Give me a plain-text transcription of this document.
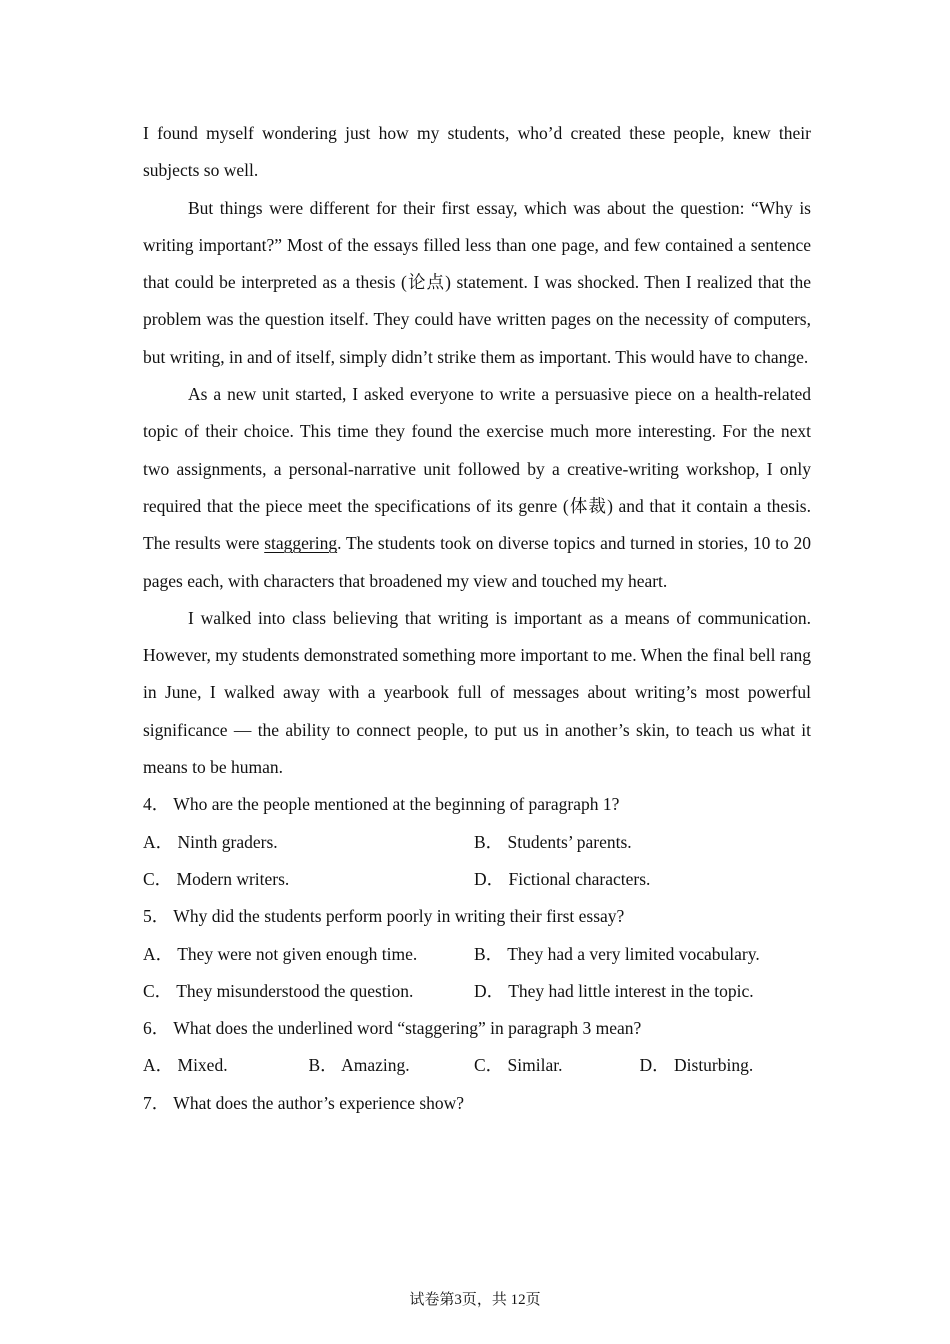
I found myself wondering just how my students, who’d created these people, knew their subjects so well.

But things were different for their first essay, which was about the question: “Why is writing important?” Most of the essays filled less than one page, and few contained a sentence that could be interpreted as a thesis (论点) statement. I was shocked. Then I realized that the problem was the question itself. They could have written pages on the necessity of computers, but writing, in and of itself, simply didn’t strike them as important. This would have to change.

As a new unit started, I asked everyone to write a persuasive piece on a health-related topic of their choice. This time they found the exercise much more interesting. For the next two assignments, a personal-narrative unit followed by a creative-writing workshop, I only required that the piece meet the specifications of its genre (体裁) and that it contain a thesis. The results were staggering. The students took on diverse topics and turned in stories, 10 to 20 pages each, with characters that broadened my view and touched my heart.

I walked into class believing that writing is important as a means of communication. However, my students demonstrated something more important to me. When the final bell rang in June, I walked away with a yearbook full of messages about writing’s most powerful significance — the ability to connect people, to put us in another’s skin, to teach us what it means to be human.

4． Who are the people mentioned at the beginning of paragraph 1?

A． Ninth graders.	B． Students’ parents.
C． Modern writers.	D． Fictional characters.

5． Why did the students perform poorly in writing their first essay?

A． They were not given enough time.	B． They had a very limited vocabulary.
C． They misunderstood the question.	D． They had little interest in the topic.

6． What does the underlined word “staggering” in paragraph 3 mean?

A． Mixed.	B． Amazing.	C． Similar.	D． Disturbing.

7． What does the author’s experience show?

试卷第3页，共 12页
